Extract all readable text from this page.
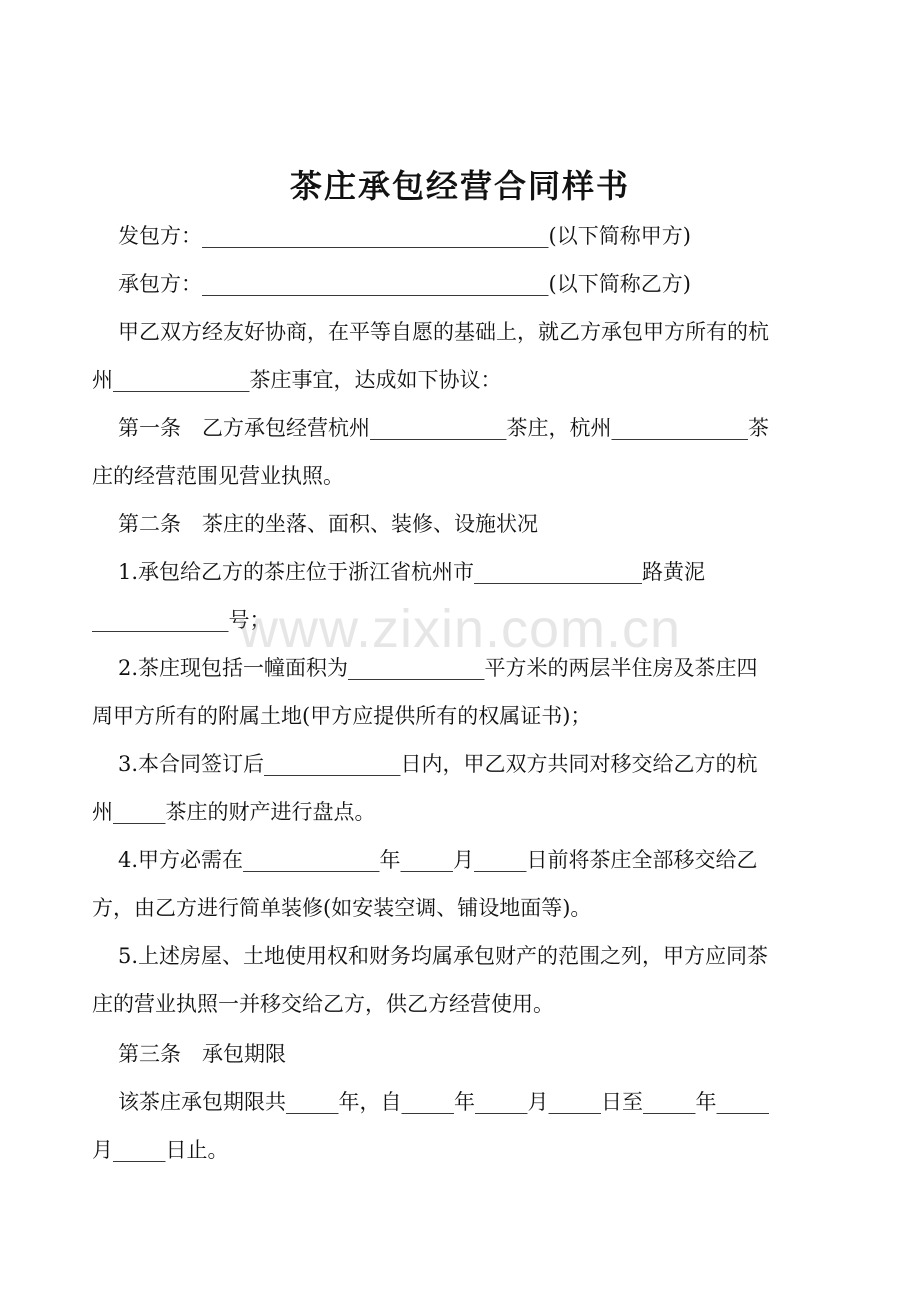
茶庄承包经营合同样书
发包方：_________________________________(以下简称甲方)
承包方：_________________________________(以下简称乙方)
甲乙双方经友好协商，在平等自愿的基础上，就乙方承包甲方所有的杭
州_____________茶庄事宜，达成如下协议：
第一条　乙方承包经营杭州_____________茶庄，杭州_____________茶
庄的经营范围见营业执照。
第二条　茶庄的坐落、面积、装修、设施状况
1.承包给乙方的茶庄位于浙江省杭州市________________路黄泥
_____________号；
2.茶庄现包括一幢面积为_____________平方米的两层半住房及茶庄四
周甲方所有的附属土地(甲方应提供所有的权属证书)；
3.本合同签订后_____________日内，甲乙双方共同对移交给乙方的杭
州_____茶庄的财产进行盘点。
4.甲方必需在_____________年_____月_____日前将茶庄全部移交给乙
方，由乙方进行简单装修(如安装空调、铺设地面等)。
5.上述房屋、土地使用权和财务均属承包财产的范围之列，甲方应同茶
庄的营业执照一并移交给乙方，供乙方经营使用。
第三条　承包期限
该茶庄承包期限共_____年，自_____年_____月_____日至_____年_____
月_____日止。
www.zixin.com.cn
